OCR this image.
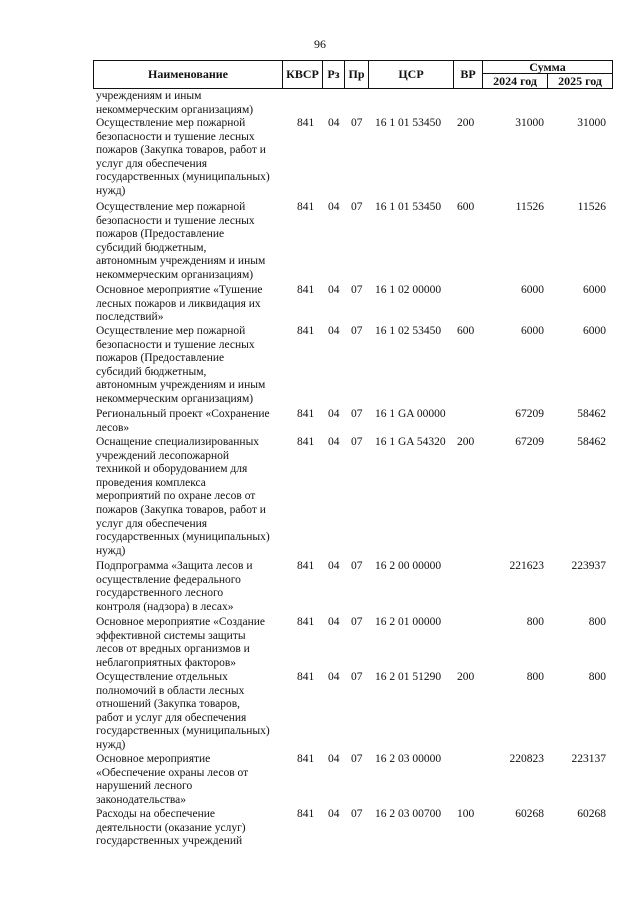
96
Наименование	КВСР Рз Пр	ЦСР	ВР
Сумма
2024 год	2025 год
учреждениям и иным
некоммерческим организациям)
Осуществление мер пожарной
безопасности и тушение лесных
пожаров (Закупка товаров, работ и
услуг для обеспечения
государственных (муниципальных)
нужд)
841 04 07 16 1 01 53450 200	31000	31000
Осуществление мер пожарной
безопасности и тушение лесных
пожаров (Предоставление
субсидий бюджетным,
автономным учреждениям и иным
некоммерческим организациям)
841 04 07 16 1 01 53450 600	11526	11526
Основное мероприятие «Тушение
лесных пожаров и ликвидация их
последствий»
841 04 07 16 1 02 00000	6000	6000
Осуществление мер пожарной
безопасности и тушение лесных
пожаров (Предоставление
субсидий бюджетным,
автономным учреждениям и иным
некоммерческим организациям)
841 04 07 16 1 02 53450 600	6000	6000
Региональный проект «Сохранение
лесов»
841 04 07 16 1 GA 00000	67209	58462
Оснащение специализированных
учреждений лесопожарной
техникой и оборудованием для
проведения комплекса
мероприятий по охране лесов от
пожаров (Закупка товаров, работ и
услуг для обеспечения
государственных (муниципальных)
нужд)
841 04 07 16 1 GA 54320 200	67209	58462
Подпрограмма «Защита лесов и
осуществление федерального
государственного лесного
контроля (надзора) в лесах»
841 04 07 16 2 00 00000	221623 223937
Основное мероприятие «Создание
эффективной системы защиты
лесов от вредных организмов и
неблагоприятных факторов»
841 04 07 16 2 01 00000	800	800
Осуществление отдельных
полномочий в области лесных
отношений (Закупка товаров,
работ и услуг для обеспечения
государственных (муниципальных)
нужд)
841 04 07 16 2 01 51290 200	800	800
Основное мероприятие
«Обеспечение охраны лесов от
нарушений лесного
законодательства»
841 04 07 16 2 03 00000	220823 223137
Расходы на обеспечение
деятельности (оказание услуг)
государственных учреждений
841 04 07 16 2 03 00700 100	60268	60268
